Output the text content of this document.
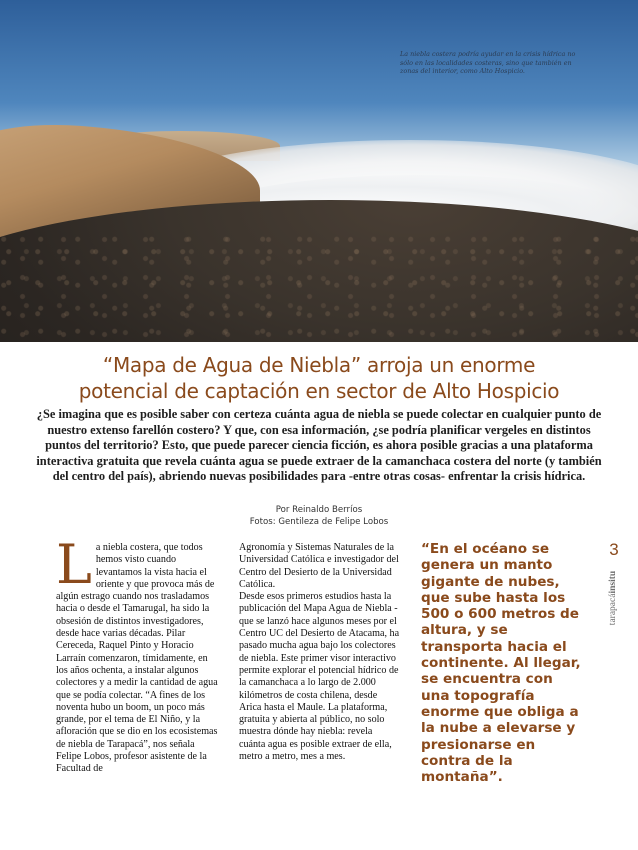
La niebla costera podría ayudar en la crisis hídrica no sólo en las localidades costeras, sino que también en zonas del interior, como Alto Hospicio.
“Mapa de Agua de Niebla” arroja un enorme
potencial de captación en sector de Alto Hospicio

¿Se imagina que es posible saber con certeza cuánta agua de niebla se puede colectar en cualquier punto de nuestro extenso farellón costero? Y que, con esa información, ¿se podría planificar vergeles en distintos puntos del territorio? Esto, que puede parecer ciencia ficción, es ahora posible gracias a una plataforma interactiva gratuita que revela cuánta agua se puede extraer de la camanchaca costera del norte (y también del centro del país), abriendo nuevas posibilidades para -entre otras cosas- enfrentar la crisis hídrica.

Por Reinaldo Berríos
Fotos: Gentileza de Felipe Lobos
L a niebla costera, que todos hemos visto cuando levantamos la vista hacia el oriente y que provoca más de algún estrago cuando nos trasladamos hacia o desde el Tamarugal, ha sido la obsesión de distintos investigadores, desde hace varias décadas. Pilar Cereceda, Raquel Pinto y Horacio Larraín comenzaron, tímidamente, en los años ochenta, a instalar algunos colectores y a medir la cantidad de agua que se podía colectar. “A fines de los noventa hubo un boom, un poco más grande, por el tema de El Niño, y la afloración que se dio en los ecosistemas de niebla de Tarapacá”, nos señala Felipe Lobos, profesor asistente de la Facultad de

Agronomía y Sistemas Naturales de la Universidad Católica e investigador del Centro del Desierto de la Universidad Católica.

Desde esos primeros estudios hasta la publicación del Mapa Agua de Niebla -que se lanzó hace algunos meses por el Centro UC del Desierto de Atacama, ha pasado mucha agua bajo los colectores de niebla. Este primer visor interactivo permite explorar el potencial hídrico de la camanchaca a lo largo de 2.000 kilómetros de costa chilena, desde Arica hasta el Maule. La plataforma, gratuita y abierta al público, no solo muestra dónde hay niebla: revela cuánta agua es posible extraer de ella, metro a metro, mes a mes.

“En el océano se genera un manto gigante de nubes, que sube hasta los 500 o 600 metros de altura, y se transporta hacia el continente. Al llegar, se encuentra con una topografía enorme que obliga a la nube a elevarse y presionarse en contra de la montaña”.

3
tarapacáinsitu
